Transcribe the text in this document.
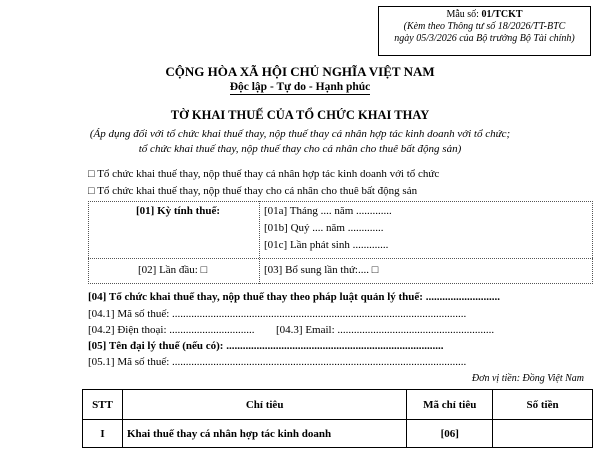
Mẫu số: 01/TCKT
(Kèm theo Thông tư số 18/2026/TT-BTC
ngày 05/3/2026 của Bộ trưởng Bộ Tài chính)
CỘNG HÒA XÃ HỘI CHỦ NGHĨA VIỆT NAM
Độc lập - Tự do - Hạnh phúc
TỜ KHAI THUẾ CỦA TỔ CHỨC KHAI THAY
(Áp dụng đối với tổ chức khai thuế thay, nộp thuế thay cá nhân hợp tác kinh doanh với tổ chức;
tổ chức khai thuế thay, nộp thuế thay cho cá nhân cho thuê bất động sản)
□ Tổ chức khai thuế thay, nộp thuế thay cá nhân hợp tác kinh doanh với tổ chức
□ Tổ chức khai thuế thay, nộp thuế thay cho cá nhân cho thuê bất động sản
[01] Kỳ tính thuế:	[01a] Tháng .... năm .............
[01b] Quý .... năm .............
[01c] Lần phát sinh .............
[02] Lần đầu: □	[03] Bổ sung lần thứ:.... □
[04] Tổ chức khai thuế thay, nộp thuế thay theo pháp luật quản lý thuế: ...........................
[04.1] Mã số thuế: ...........................................................................................................
[04.2] Điện thoại: ............................... [04.3] Email: .........................................................
[05] Tên đại lý thuế (nếu có): ...............................................................................
[05.1] Mã số thuế: ...........................................................................................................
Đơn vị tiền: Đồng Việt Nam
STT	Chỉ tiêu	Mã chỉ tiêu	Số tiền
I	Khai thuế thay cá nhân hợp tác kinh doanh	[06]	
